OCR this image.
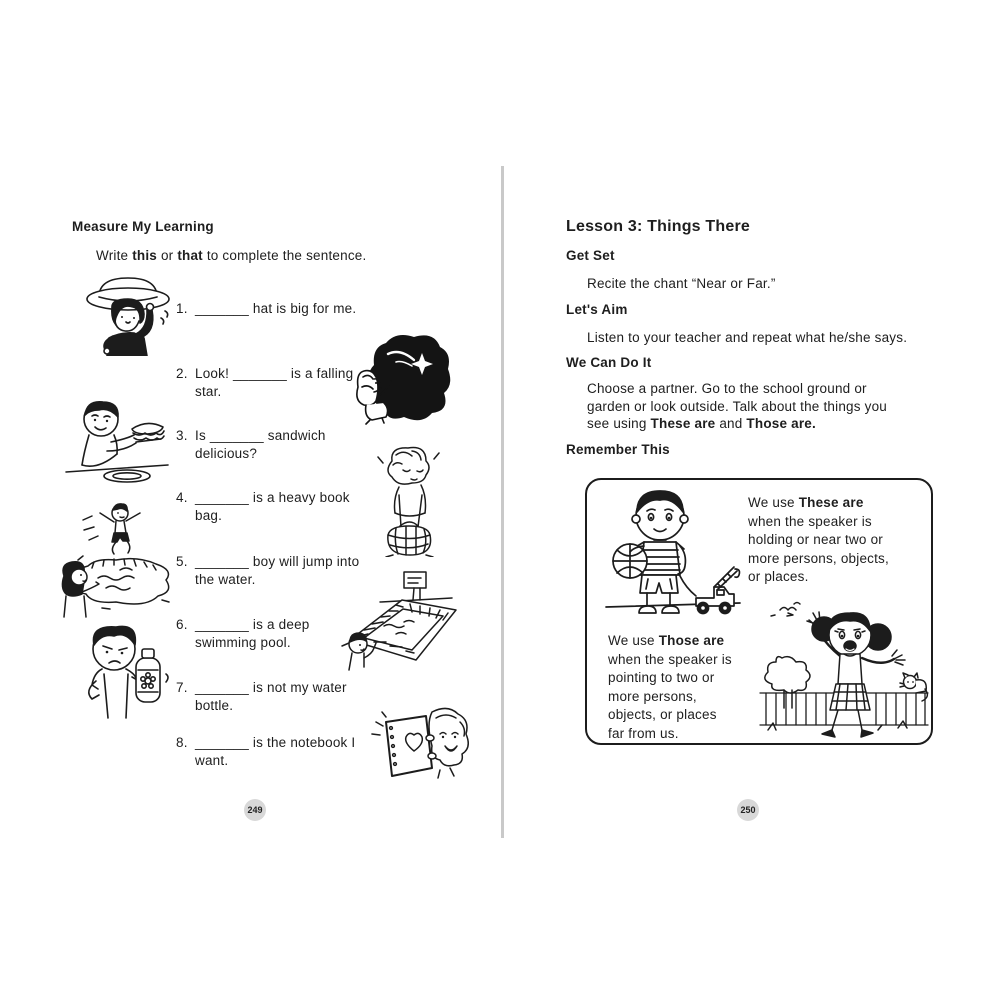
Measure My Learning
Write this or that to complete the sentence.
1. _______ hat is big for me.
2. Look! _______ is a falling star.
3. Is _______ sandwich delicious?
4. _______ is a heavy book bag.
5. _______ boy will jump into the water.
6. _______ is a deep swimming pool.
7. _______ is not my water bottle.
8. _______ is the notebook I want.
249
Lesson 3: Things There
Get Set
Recite the chant “Near or Far.”
Let's Aim
Listen to your teacher and repeat what he/she says.
We Can Do It
Choose a partner. Go to the school ground or garden or look outside. Talk about the things you see using These are and Those are.
Remember This

We use These are when the speaker is holding or near two or more persons, objects, or places.

We use Those are when the speaker is pointing to two or more persons, objects, or places far from us.

250
